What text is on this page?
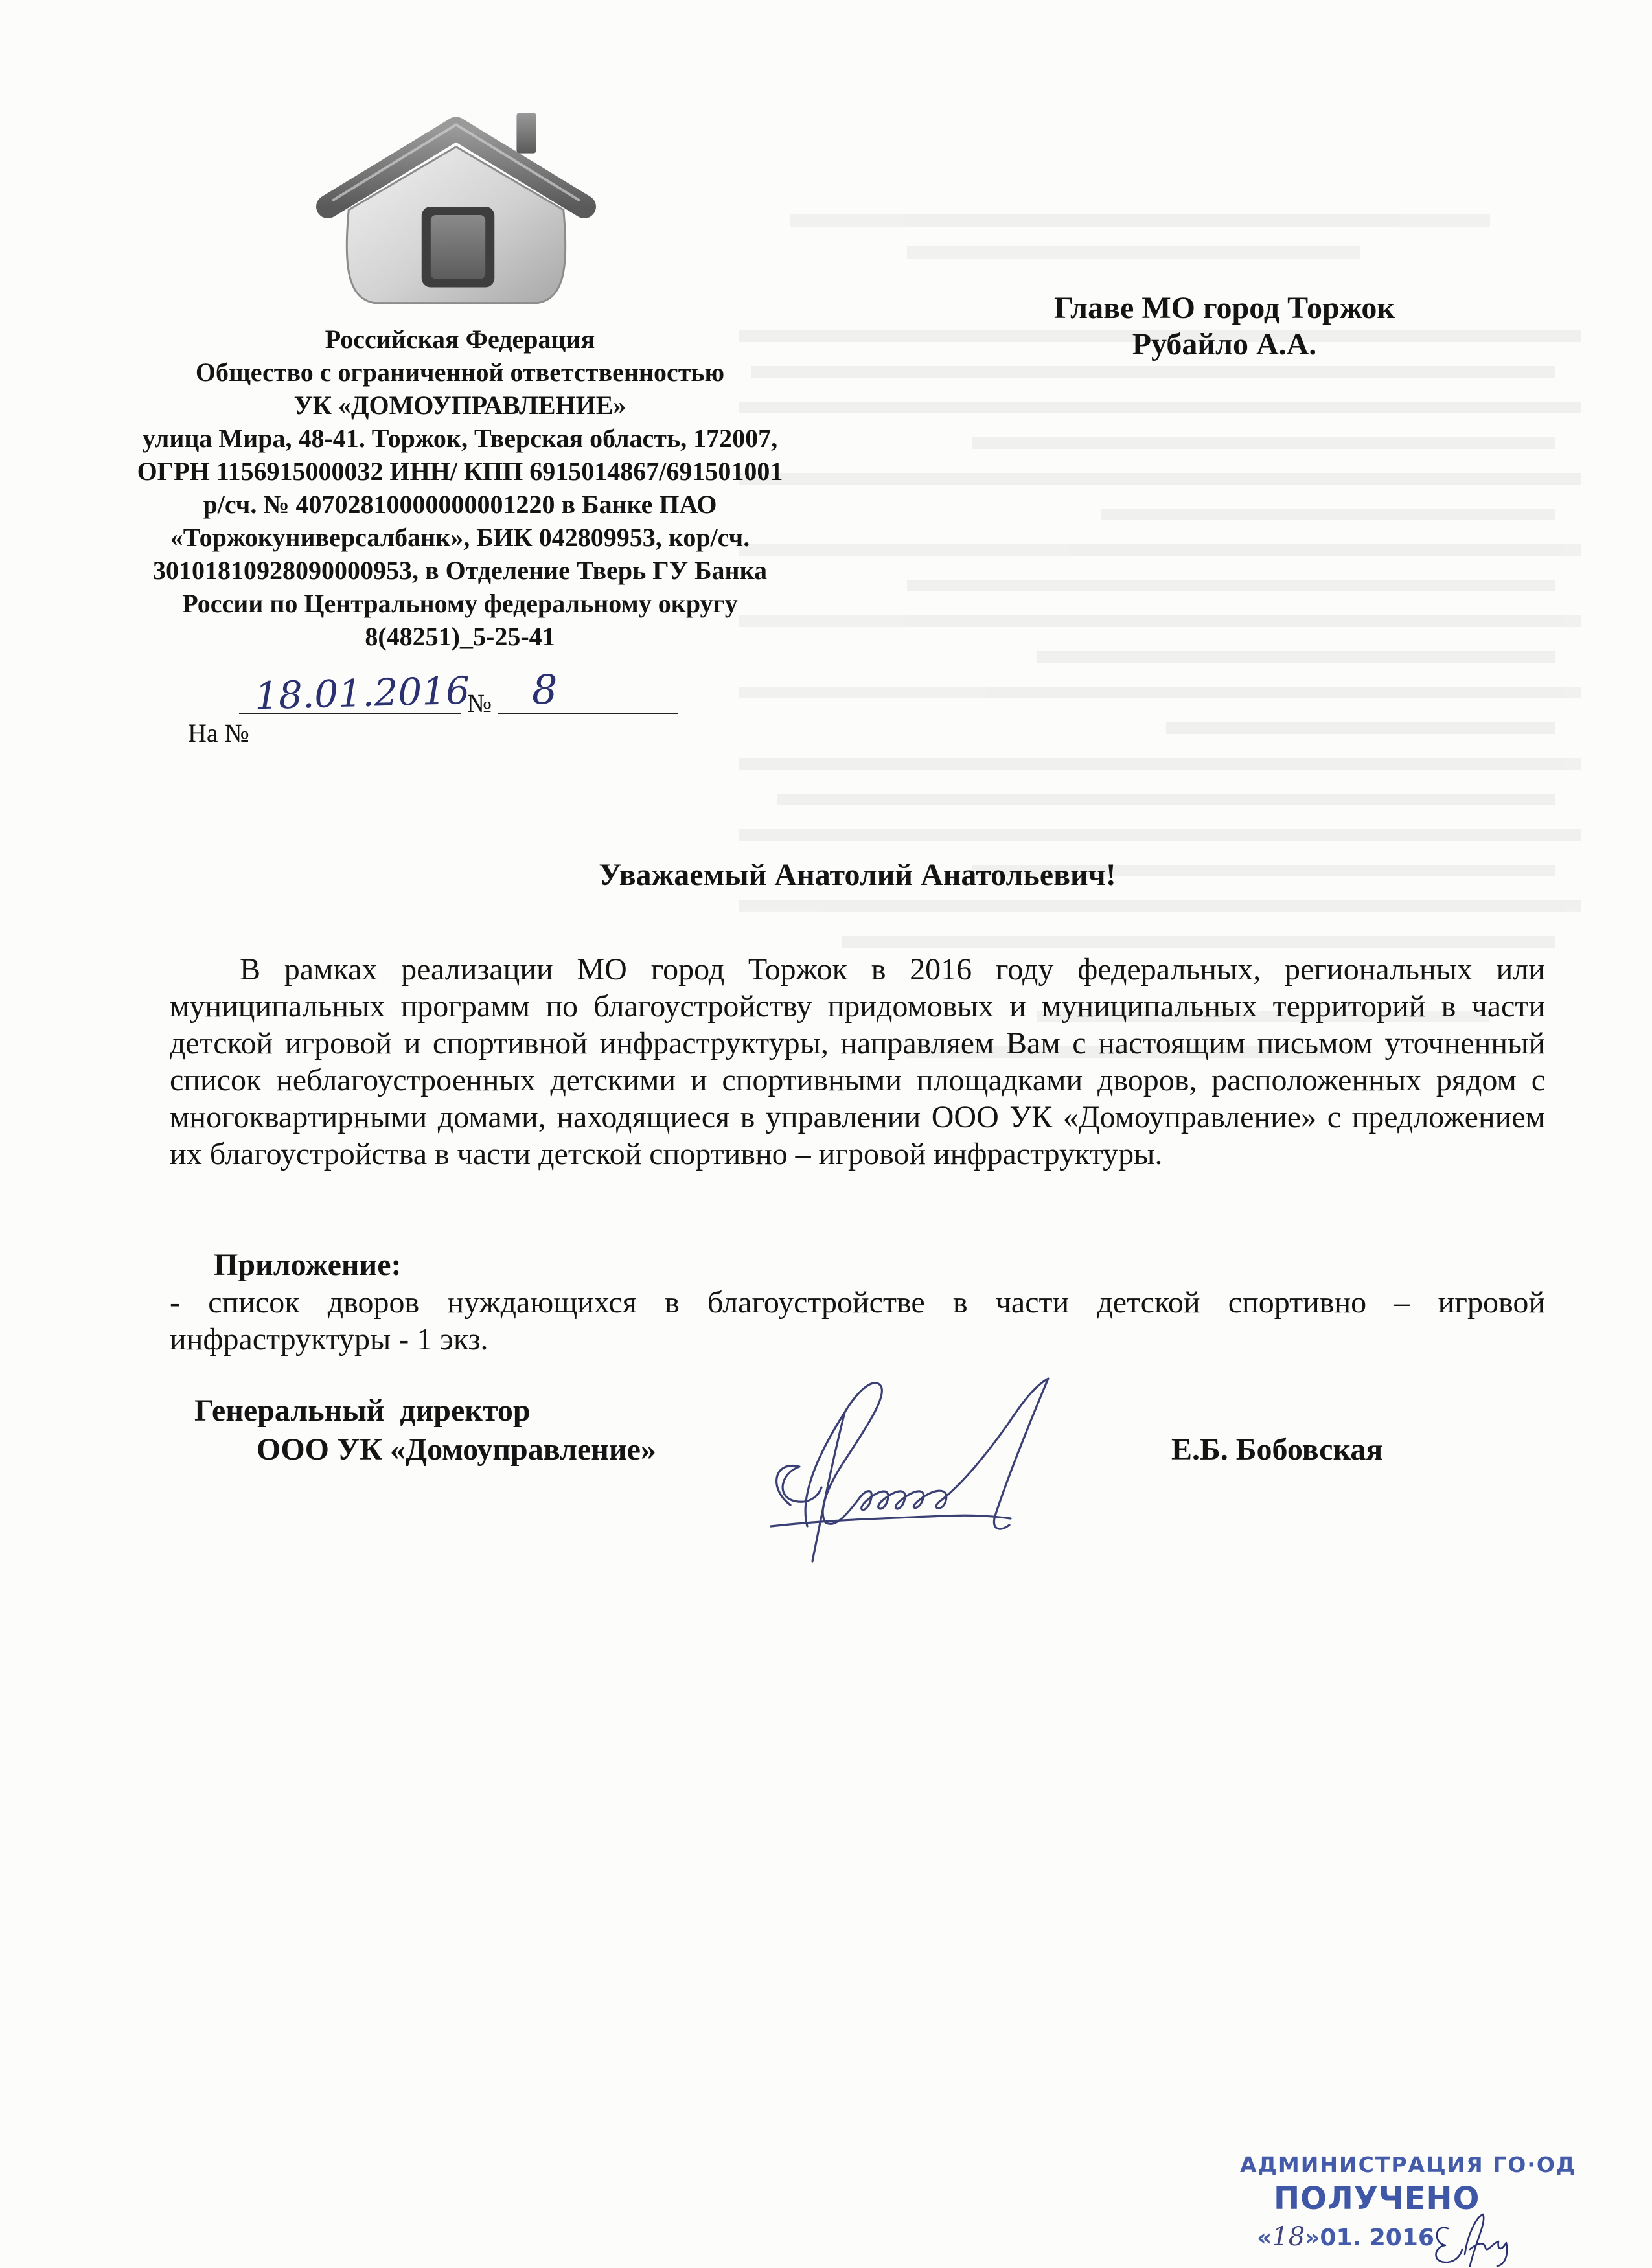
Российская Федерация
Общество с ограниченной ответственностью
УК «ДОМОУПРАВЛЕНИЕ»
улица Мира, 48-41. Торжок, Тверская область, 172007,
ОГРН 1156915000032 ИНН/ КПП 6915014867/691501001
р/сч. № 40702810000000001220 в Банке ПАО
«Торжокуниверсалбанк», БИК 042809953, кор/сч.
30101810928090000953, в Отделение Тверь ГУ Банка
России по Центральному федеральному округу
8(48251)_5-25-41
Главе МО город Торжок
Рубайло А.А.
18.01.2016
№ 8
На №
Уважаемый Анатолий Анатольевич!
В рамках реализации МО город Торжок в 2016 году федеральных, региональных или муниципальных программ по благоустройству придомовых и муниципальных территорий в части детской игровой и спортивной инфраструктуры, направляем Вам с настоящим письмом уточненный список неблагоустроенных детскими и спортивными площадками дворов, расположенных рядом с многоквартирными домами, находящиеся в управлении ООО УК «Домоуправление» с предложением их благоустройства в части детской спортивно – игровой инфраструктуры.
Приложение:
- список дворов нуждающихся в благоустройстве в части детской спортивно – игровой инфраструктуры - 1 экз.
Генеральный  директор
ООО УК «Домоуправление»	Е.Б. Бобовская
АДМИНИСТРАЦИЯ ГО·ОД
ПОЛУЧЕНО
«18»01. 2016
